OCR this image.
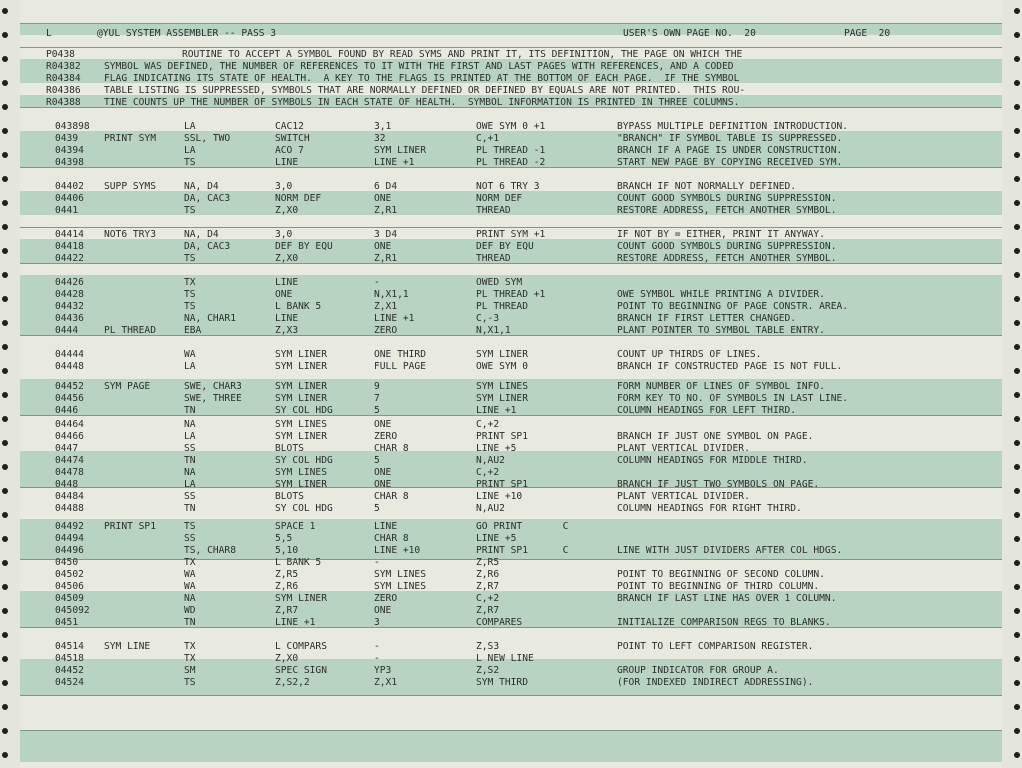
L	@YUL SYSTEM ASSEMBLER -- PASS 3	USER'S OWN PAGE NO.  20	PAGE  20
P0438	ROUTINE TO ACCEPT A SYMBOL FOUND BY READ SYMS AND PRINT IT, ITS DEFINITION, THE PAGE ON WHICH THE
R04382 SYMBOL WAS DEFINED, THE NUMBER OF REFERENCES TO IT WITH THE FIRST AND LAST PAGES WITH REFERENCES, AND A CODED
R04384 FLAG INDICATING ITS STATE OF HEALTH.  A KEY TO THE FLAGS IS PRINTED AT THE BOTTOM OF EACH PAGE.  IF THE SYMBOL
R04386 TABLE LISTING IS SUPPRESSED, SYMBOLS THAT ARE NORMALLY DEFINED OR DEFINED BY EQUALS ARE NOT PRINTED.  THIS ROU-
R04388 TINE COUNTS UP THE NUMBER OF SYMBOLS IN EACH STATE OF HEALTH.  SYMBOL INFORMATION IS PRINTED IN THREE COLUMNS.
043898	LA	CAC12	3,1	OWE SYM 0 +1	BYPASS MULTIPLE DEFINITION INTRODUCTION.
0439	PRINT SYM	SSL, TWO	SWITCH	32	C,+1	"BRANCH" IF SYMBOL TABLE IS SUPPRESSED.
04394	LA	ACO 7	SYM LINER	PL THREAD -1	BRANCH IF A PAGE IS UNDER CONSTRUCTION.
04398	TS	LINE	LINE +1	PL THREAD -2	START NEW PAGE BY COPYING RECEIVED SYM.
04402 SUPP SYMS	NA, D4	3,0	6 D4	NOT 6 TRY 3	BRANCH IF NOT NORMALLY DEFINED.
04406	DA, CAC3	NORM DEF	ONE	NORM DEF	COUNT GOOD SYMBOLS DURING SUPPRESSION.
0441	TS	Z,X0	Z,R1	THREAD	RESTORE ADDRESS, FETCH ANOTHER SYMBOL.
04414 NOT6 TRY3	NA, D4	3,0	3 D4	PRINT SYM +1	IF NOT BY = EITHER, PRINT IT ANYWAY.
04418	DA, CAC3	DEF BY EQU	ONE	DEF BY EQU	COUNT GOOD SYMBOLS DURING SUPPRESSION.
04422	TS	Z,X0	Z,R1	THREAD	RESTORE ADDRESS, FETCH ANOTHER SYMBOL.
04426	TX	LINE	-	OWED SYM
04428	TS	ONE	N,X1,1	PL THREAD +1	OWE SYMBOL WHILE PRINTING A DIVIDER.
04432	TS	L BANK 5	Z,X1	PL THREAD	POINT TO BEGINNING OF PAGE CONSTR. AREA.
04436	NA, CHAR1	LINE	LINE +1	C,-3	BRANCH IF FIRST LETTER CHANGED.
0444	PL THREAD	EBA	Z,X3	ZERO	N,X1,1	PLANT POINTER TO SYMBOL TABLE ENTRY.
04444	WA	SYM LINER	ONE THIRD	SYM LINER	COUNT UP THIRDS OF LINES.
04448	LA	SYM LINER	FULL PAGE	OWE SYM 0	BRANCH IF CONSTRUCTED PAGE IS NOT FULL.
04452 SYM PAGE	SWE, CHAR3	SYM LINER	9	SYM LINES	FORM NUMBER OF LINES OF SYMBOL INFO.
04456	SWE, THREE	SYM LINER	7	SYM LINER	FORM KEY TO NO. OF SYMBOLS IN LAST LINE.
0446	TN	SY COL HDG	5	LINE +1	COLUMN HEADINGS FOR LEFT THIRD.
04464	NA	SYM LINES	ONE	C,+2
04466	LA	SYM LINER	ZERO	PRINT SP1	BRANCH IF JUST ONE SYMBOL ON PAGE.
0447	SS	BLOTS	CHAR 8	LINE +5	PLANT VERTICAL DIVIDER.
04474	TN	SY COL HDG	5	N,AU2	COLUMN HEADINGS FOR MIDDLE THIRD.
04478	NA	SYM LINES	ONE	C,+2
0448	LA	SYM LINER	ONE	PRINT SP1	BRANCH IF JUST TWO SYMBOLS ON PAGE.
04484	SS	BLOTS	CHAR 8	LINE +10	PLANT VERTICAL DIVIDER.
04488	TN	SY COL HDG	5	N,AU2	COLUMN HEADINGS FOR RIGHT THIRD.
04492 PRINT SP1	TS	SPACE 1	LINE	GO PRINT       C
04494	SS	5,5	CHAR 8	LINE +5
04496	TS, CHAR8	5,10	LINE +10	PRINT SP1      C	LINE WITH JUST DIVIDERS AFTER COL HDGS.
0450	TX	L BANK 5	-	Z,R5
04502	WA	Z,R5	SYM LINES	Z,R6	POINT TO BEGINNING OF SECOND COLUMN.
04506	WA	Z,R6	SYM LINES	Z,R7	POINT TO BEGINNING OF THIRD COLUMN.
04509	NA	SYM LINER	ZERO	C,+2	BRANCH IF LAST LINE HAS OVER 1 COLUMN.
045092	WD	Z,R7	ONE	Z,R7
0451	TN	LINE +1	3	COMPARES	INITIALIZE COMPARISON REGS TO BLANKS.
04514 SYM LINE	TX	L COMPARS	-	Z,S3	POINT TO LEFT COMPARISON REGISTER.
04518	TX	Z,X0	-	L NEW LINE
04452	SM	SPEC SIGN	YP3	Z,S2	GROUP INDICATOR FOR GROUP A.
04524	TS	Z,S2,2	Z,X1	SYM THIRD	(FOR INDEXED INDIRECT ADDRESSING).
